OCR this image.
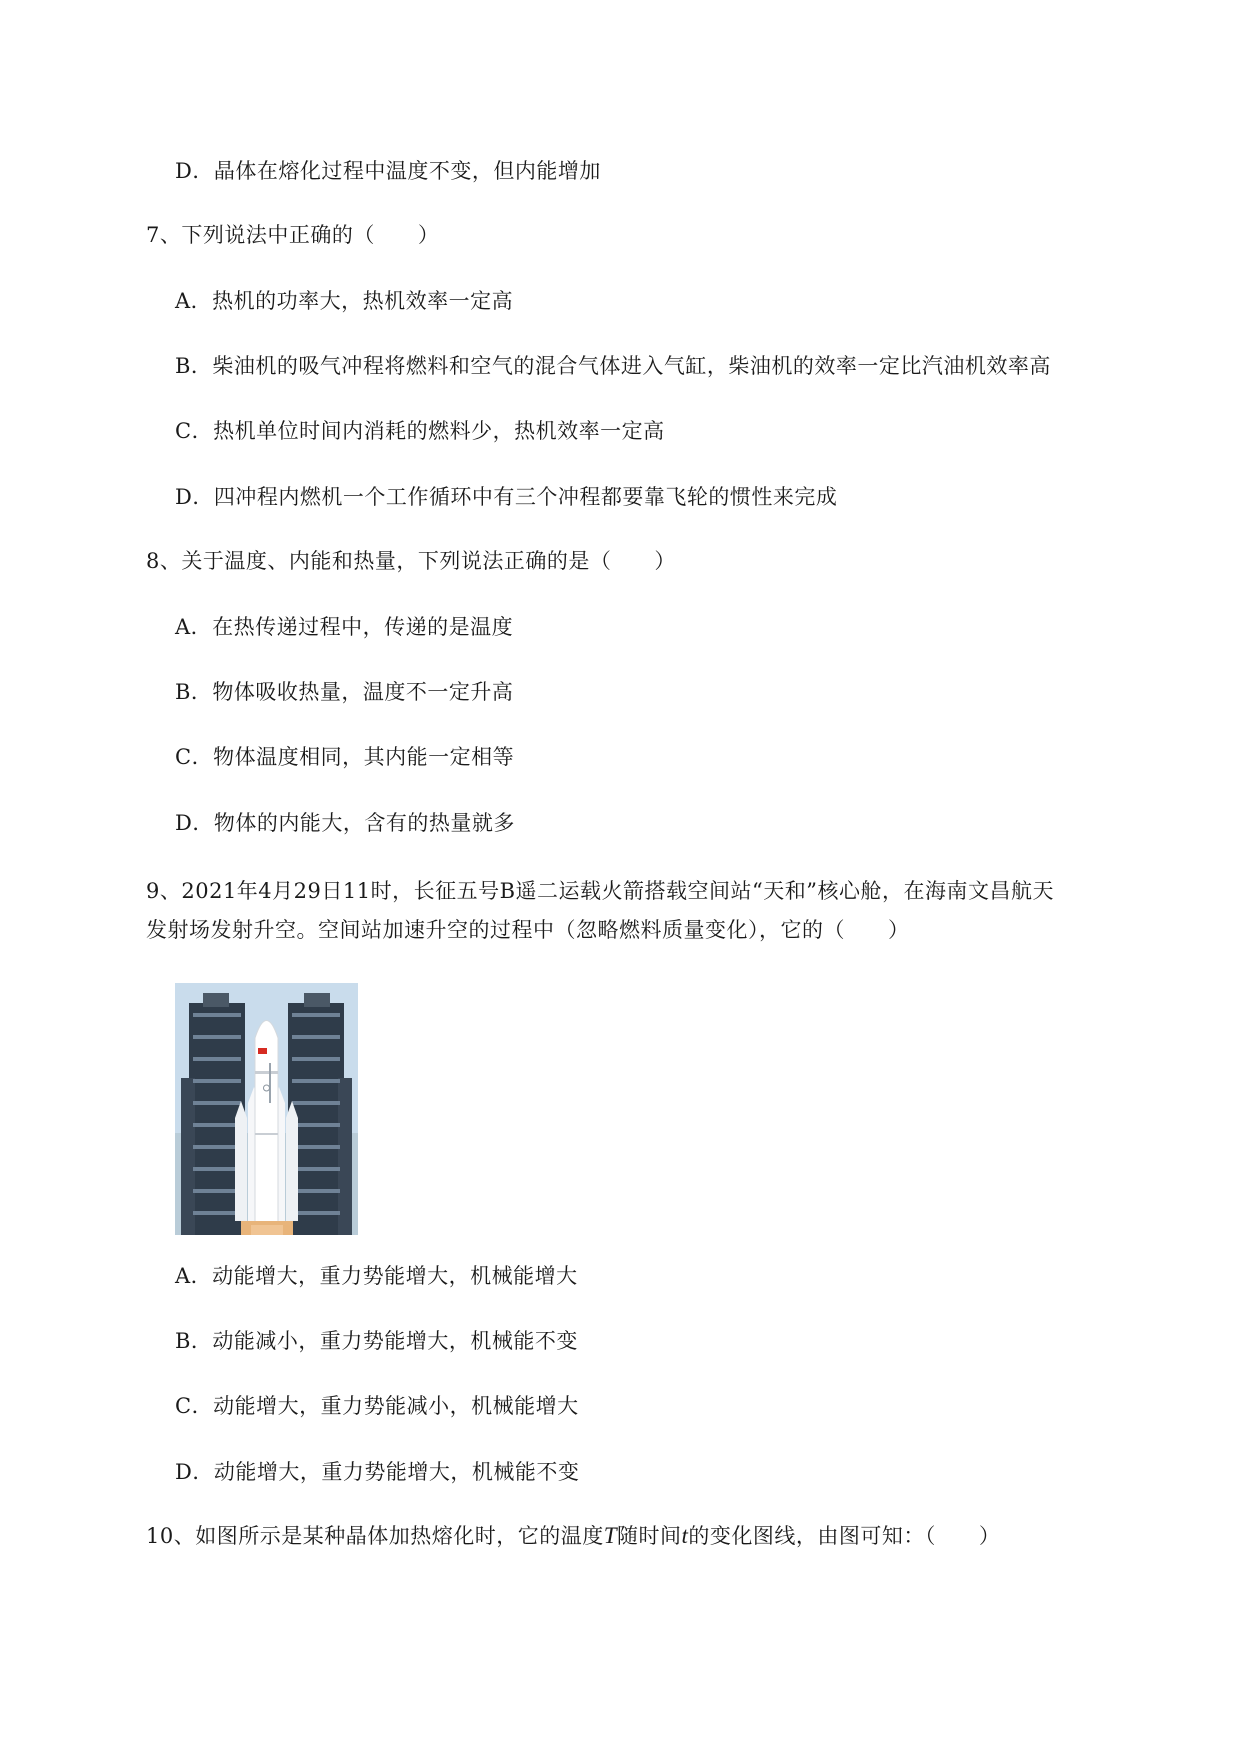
D．晶体在熔化过程中温度不变，但内能增加
7、下列说法中正确的（　　）
A．热机的功率大，热机效率一定高
B．柴油机的吸气冲程将燃料和空气的混合气体进入气缸，柴油机的效率一定比汽油机效率高
C．热机单位时间内消耗的燃料少，热机效率一定高
D．四冲程内燃机一个工作循环中有三个冲程都要靠飞轮的惯性来完成
8、关于温度、内能和热量，下列说法正确的是（　　）
A．在热传递过程中，传递的是温度
B．物体吸收热量，温度不一定升高
C．物体温度相同，其内能一定相等
D．物体的内能大，含有的热量就多
9、2021年4月29日11时，长征五号B遥二运载火箭搭载空间站“天和”核心舱，在海南文昌航天
发射场发射升空。空间站加速升空的过程中（忽略燃料质量变化），它的（　　）
A．动能增大，重力势能增大，机械能增大
B．动能减小，重力势能增大，机械能不变
C．动能增大，重力势能减小，机械能增大
D．动能增大，重力势能增大，机械能不变
10、如图所示是某种晶体加热熔化时，它的温度T随时间t的变化图线，由图可知：（　　）
